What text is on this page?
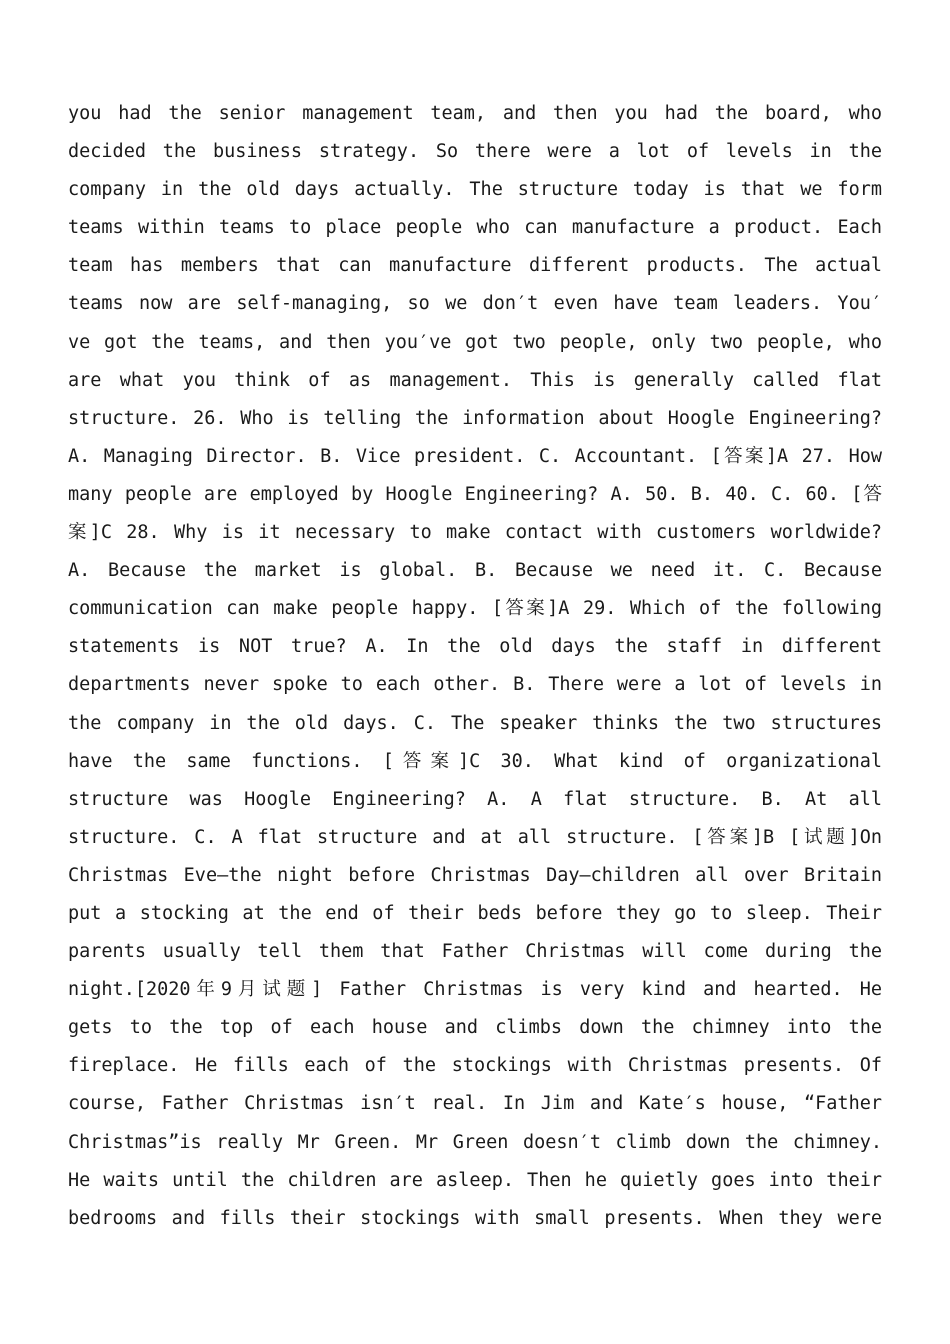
you had the senior management team, and then you had the board, who
decided the business strategy. So there were a lot of levels in the
company in the old days actually. The structure today is that we form
teams within teams to place people who can manufacture a product. Each
team has members that can manufacture different products. The actual
teams now are self-managing, so we don′t even have team leaders. You′
ve got the teams, and then you′ve got two people, only two people, who
are what you think of as management. This is generally called flat
structure. 26. Who is telling the information about Hoogle Engineering?
A. Managing Director. B. Vice president. C. Accountant. [答案]A 27. How
many people are employed by Hoogle Engineering? A. 50. B. 40. C. 60. [答
案]C 28. Why is it necessary to make contact with customers worldwide?
A. Because the market is global. B. Because we need it. C. Because
communication can make people happy. [答案]A 29. Which of the following
statements is NOT true? A. In the old days the staff in different
departments never spoke to each other. B. There were a lot of levels in
the company in the old days. C. The speaker thinks the two structures
have the same functions. [答案]C 30. What kind of organizational
structure was Hoogle Engineering? A. A flat structure. B. At all
structure. C. A flat structure and at all structure. [答案]B [试题]On
Christmas Eve—the night before Christmas Day—children all over Britain
put a stocking at the end of their beds before they go to sleep. Their
parents usually tell them that Father Christmas will come during the
night.[2020年9月试题] Father Christmas is very kind and hearted. He
gets to the top of each house and climbs down the chimney into the
fireplace. He fills each of the stockings with Christmas presents. Of
course, Father Christmas isn′t real. In Jim and Kate′s house, “Father
Christmas”is really Mr Green. Mr Green doesn′t climb down the chimney.
He waits until the children are asleep. Then he quietly goes into their
bedrooms and fills their stockings with small presents. When they were
